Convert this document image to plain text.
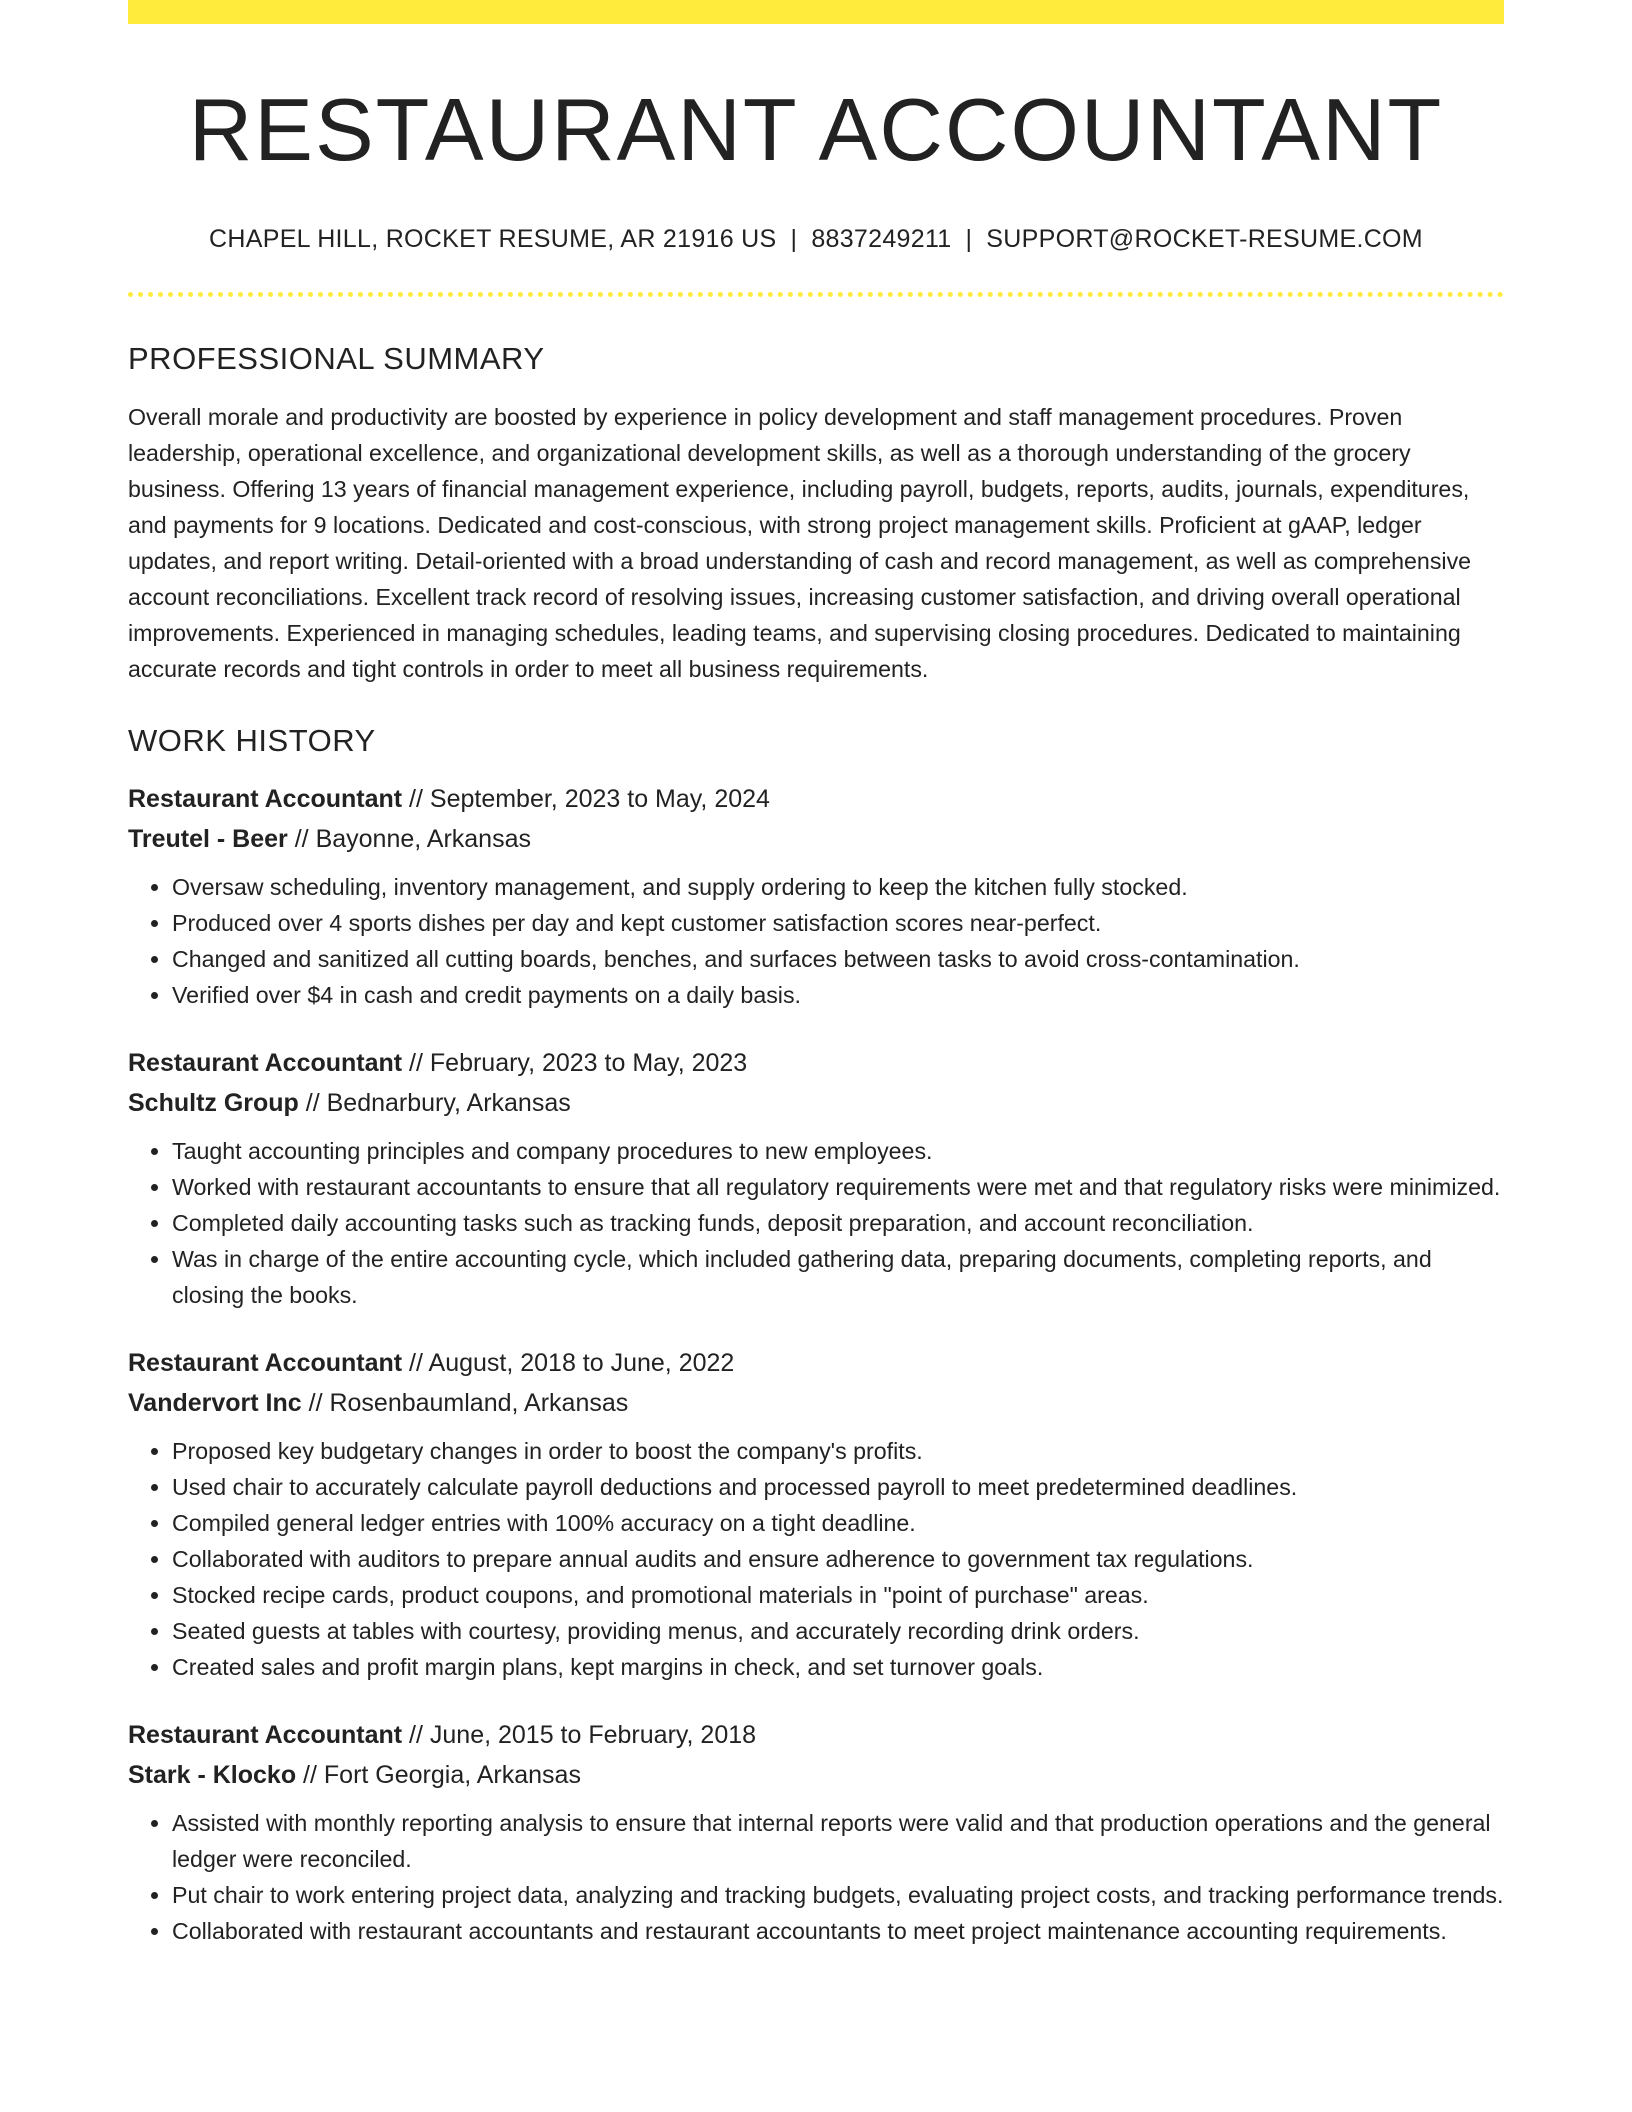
RESTAURANT ACCOUNTANT
CHAPEL HILL, ROCKET RESUME, AR 21916 US | 8837249211 | SUPPORT@ROCKET-RESUME.COM
PROFESSIONAL SUMMARY

Overall morale and productivity are boosted by experience in policy development and staff management procedures. Proven leadership, operational excellence, and organizational development skills, as well as a thorough understanding of the grocery business. Offering 13 years of financial management experience, including payroll, budgets, reports, audits, journals, expenditures, and payments for 9 locations. Dedicated and cost-conscious, with strong project management skills. Proficient at gAAP, ledger updates, and report writing. Detail-oriented with a broad understanding of cash and record management, as well as comprehensive account reconciliations. Excellent track record of resolving issues, increasing customer satisfaction, and driving overall operational improvements. Experienced in managing schedules, leading teams, and supervising closing procedures. Dedicated to maintaining accurate records and tight controls in order to meet all business requirements.

WORK HISTORY
Restaurant Accountant // September, 2023 to May, 2024
Treutel - Beer // Bayonne, Arkansas
• Oversaw scheduling, inventory management, and supply ordering to keep the kitchen fully stocked.
• Produced over 4 sports dishes per day and kept customer satisfaction scores near-perfect.
• Changed and sanitized all cutting boards, benches, and surfaces between tasks to avoid cross-contamination.
• Verified over $4 in cash and credit payments on a daily basis.
Restaurant Accountant // February, 2023 to May, 2023
Schultz Group // Bednarbury, Arkansas
• Taught accounting principles and company procedures to new employees.
• Worked with restaurant accountants to ensure that all regulatory requirements were met and that regulatory risks were minimized.
• Completed daily accounting tasks such as tracking funds, deposit preparation, and account reconciliation.
• Was in charge of the entire accounting cycle, which included gathering data, preparing documents, completing reports, and closing the books.
Restaurant Accountant // August, 2018 to June, 2022
Vandervort Inc // Rosenbaumland, Arkansas
• Proposed key budgetary changes in order to boost the company's profits.
• Used chair to accurately calculate payroll deductions and processed payroll to meet predetermined deadlines.
• Compiled general ledger entries with 100% accuracy on a tight deadline.
• Collaborated with auditors to prepare annual audits and ensure adherence to government tax regulations.
• Stocked recipe cards, product coupons, and promotional materials in "point of purchase" areas.
• Seated guests at tables with courtesy, providing menus, and accurately recording drink orders.
• Created sales and profit margin plans, kept margins in check, and set turnover goals.
Restaurant Accountant // June, 2015 to February, 2018
Stark - Klocko // Fort Georgia, Arkansas
• Assisted with monthly reporting analysis to ensure that internal reports were valid and that production operations and the general ledger were reconciled.
• Put chair to work entering project data, analyzing and tracking budgets, evaluating project costs, and tracking performance trends.
• Collaborated with restaurant accountants and restaurant accountants to meet project maintenance accounting requirements.
